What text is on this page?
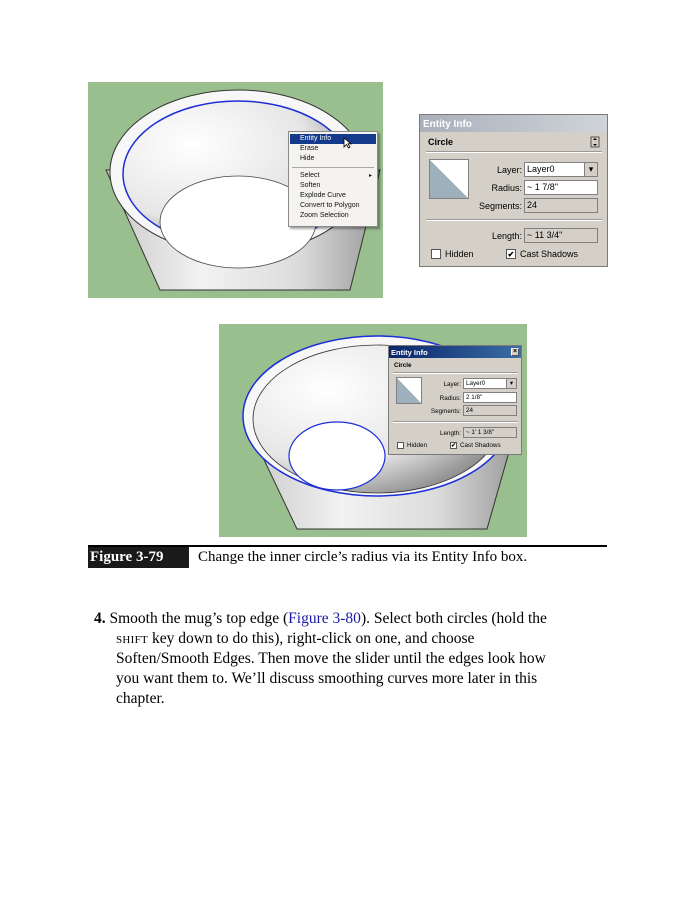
Entity Info
Erase
Hide
Select	▸
Soften
Explode Curve
Convert to Polygon
Zoom Selection
Entity Info
Circle
Layer: Layer0	▾
Radius: ~ 1 7/8"
Segments: 24
Length: ~ 11 3/4"
Hidden	✔ Cast Shadows
Entity Info	×
Circle
Layer: Layer0	▾
Radius: 2 1/8"
Segments: 24
Length: ~ 1' 1 3/8"
Hidden	✔ Cast Shadows
Figure 3-79	Change the inner circle’s radius via its Entity Info box.
4. Smooth the mug’s top edge (Figure 3-80). Select both circles (hold the
SHIFT key down to do this), right-click on one, and choose
Soften/Smooth Edges. Then move the slider until the edges look how
you want them to. We’ll discuss smoothing curves more later in this
chapter.
